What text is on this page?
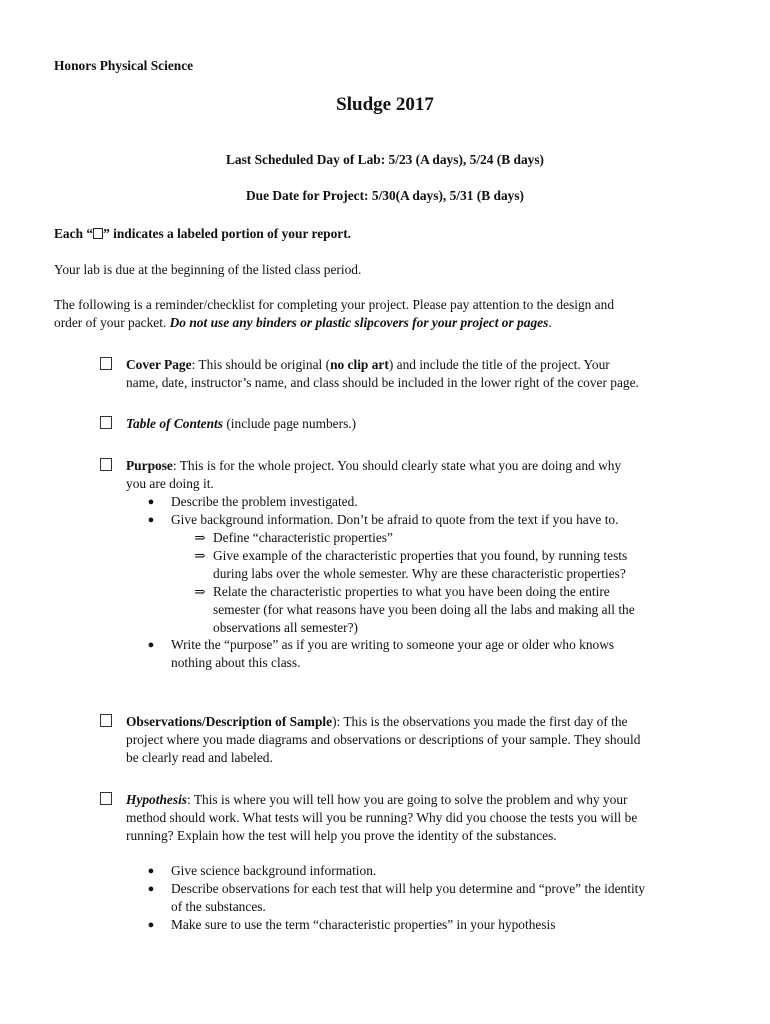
Honors Physical Science
Sludge 2017
Last Scheduled Day of Lab: 5/23 (A days), 5/24 (B days)
Due Date for Project: 5/30(A days), 5/31 (B days)
Each “ ” indicates a labeled portion of your report.
Your lab is due at the beginning of the listed class period.
The following is a reminder/checklist for completing your project. Please pay attention to the design and
order of your packet. Do not use any binders or plastic slipcovers for your project or pages.
Cover Page: This should be original (no clip art) and include the title of the project. Your
name, date, instructor’s name, and class should be included in the lower right of the cover page.
Table of Contents (include page numbers.)
Purpose: This is for the whole project. You should clearly state what you are doing and why
you are doing it.
● Describe the problem investigated.
● Give background information. Don’t be afraid to quote from the text if you have to.
⇒ Define “characteristic properties”
⇒ Give example of the characteristic properties that you found, by running tests
during labs over the whole semester. Why are these characteristic properties?
⇒ Relate the characteristic properties to what you have been doing the entire
semester (for what reasons have you been doing all the labs and making all the
observations all semester?)
● Write the “purpose” as if you are writing to someone your age or older who knows
nothing about this class.
Observations/Description of Sample): This is the observations you made the first day of the
project where you made diagrams and observations or descriptions of your sample. They should
be clearly read and labeled.
Hypothesis: This is where you will tell how you are going to solve the problem and why your
method should work. What tests will you be running? Why did you choose the tests you will be
running? Explain how the test will help you prove the identity of the substances.
● Give science background information.
● Describe observations for each test that will help you determine and “prove” the identity
of the substances.
● Make sure to use the term “characteristic properties” in your hypothesis
